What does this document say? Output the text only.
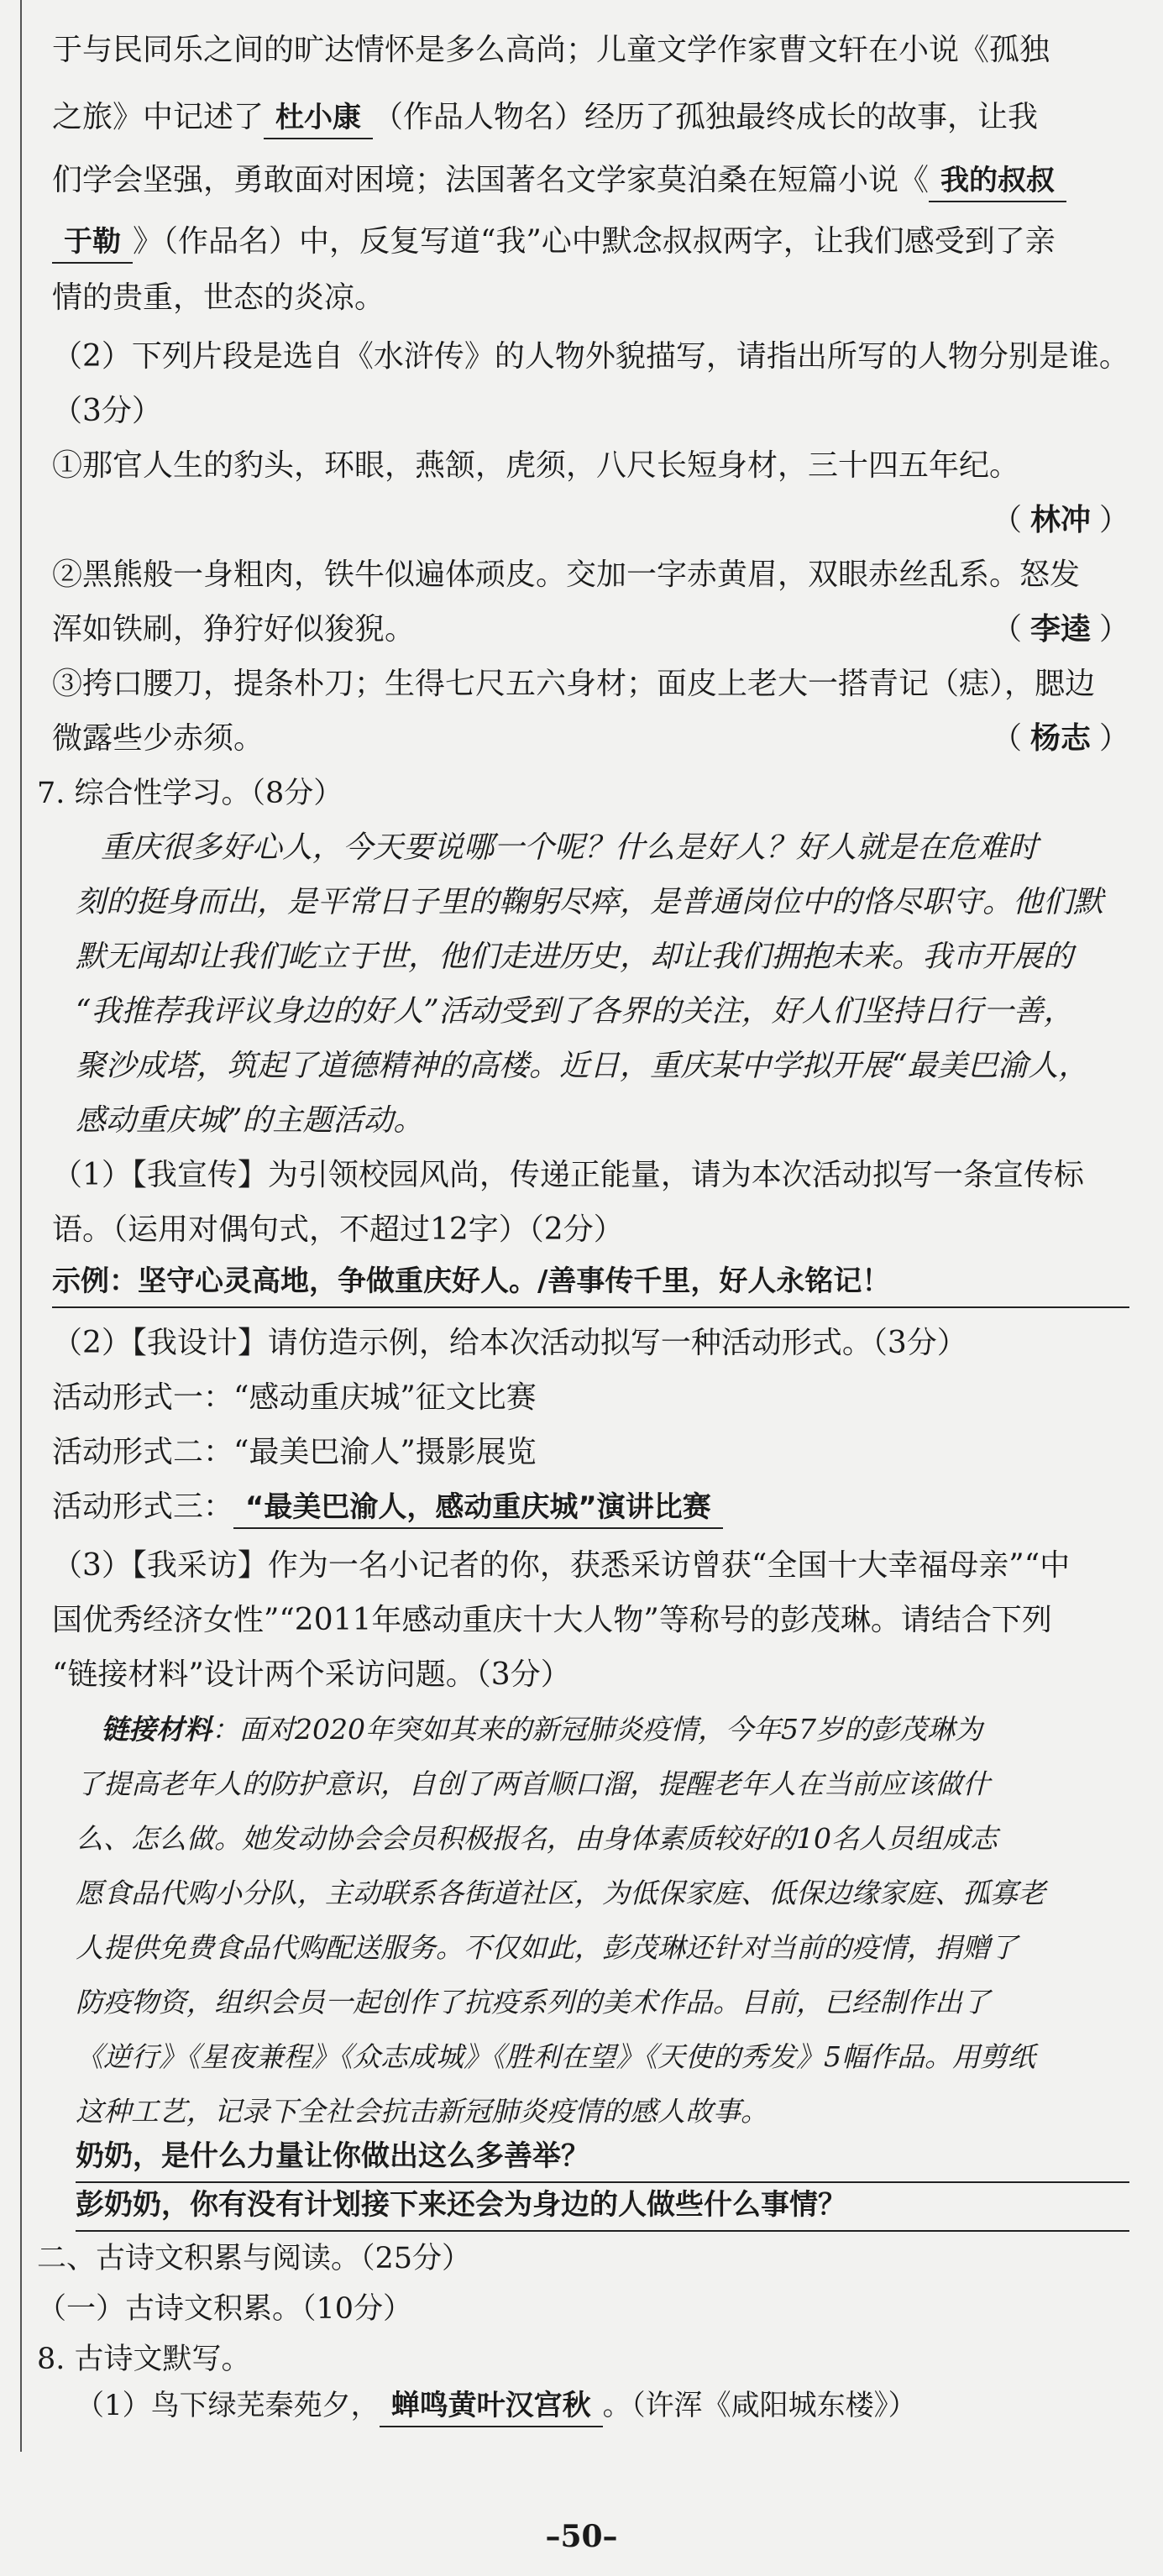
于与民同乐之间的旷达情怀是多么高尚；儿童文学作家曹文轩在小说《孤独
之旅》中记述了 杜小康 （作品人物名）经历了孤独最终成长的故事，让我
们学会坚强，勇敢面对困境；法国著名文学家莫泊桑在短篇小说《 我的叔叔
于勒 》（作品名）中，反复写道“我”心中默念叔叔两字，让我们感受到了亲
情的贵重，世态的炎凉。
（2）下列片段是选自《水浒传》的人物外貌描写，请指出所写的人物分别是谁。
（3分）
①那官人生的豹头，环眼，燕颔，虎须，八尺长短身材，三十四五年纪。
（ 林冲 ）
②黑熊般一身粗肉，铁牛似遍体顽皮。交加一字赤黄眉，双眼赤丝乱系。怒发
浑如铁刷，狰狞好似狻猊。	（ 李逵 ）
③挎口腰刀，提条朴刀；生得七尺五六身材；面皮上老大一搭青记（痣），腮边
微露些少赤须。	（ 杨志 ）
7. 综合性学习。（8分）
重庆很多好心人，今天要说哪一个呢？什么是好人？好人就是在危难时
刻的挺身而出，是平常日子里的鞠躬尽瘁，是普通岗位中的恪尽职守。他们默
默无闻却让我们屹立于世，他们走进历史，却让我们拥抱未来。我市开展的
“我推荐我评议身边的好人”活动受到了各界的关注，好人们坚持日行一善，
聚沙成塔，筑起了道德精神的高楼。近日，重庆某中学拟开展“最美巴渝人，
感动重庆城”的主题活动。
（1）【我宣传】为引领校园风尚，传递正能量，请为本次活动拟写一条宣传标
语。（运用对偶句式，不超过12字）（2分）
示例：坚守心灵高地，争做重庆好人。/善事传千里，好人永铭记！
（2）【我设计】请仿造示例，给本次活动拟写一种活动形式。（3分）
活动形式一：“感动重庆城”征文比赛
活动形式二：“最美巴渝人”摄影展览
活动形式三： “最美巴渝人，感动重庆城”演讲比赛
（3）【我采访】作为一名小记者的你，获悉采访曾获“全国十大幸福母亲”“中
国优秀经济女性”“2011年感动重庆十大人物”等称号的彭茂琳。请结合下列
“链接材料”设计两个采访问题。（3分）
链接材料：面对2020年突如其来的新冠肺炎疫情，今年57岁的彭茂琳为
了提高老年人的防护意识，自创了两首顺口溜，提醒老年人在当前应该做什
么、怎么做。她发动协会会员积极报名，由身体素质较好的10名人员组成志
愿食品代购小分队，主动联系各街道社区，为低保家庭、低保边缘家庭、孤寡老
人提供免费食品代购配送服务。不仅如此，彭茂琳还针对当前的疫情，捐赠了
防疫物资，组织会员一起创作了抗疫系列的美术作品。目前，已经制作出了
《逆行》《星夜兼程》《众志成城》《胜利在望》《天使的秀发》5幅作品。用剪纸
这种工艺，记录下全社会抗击新冠肺炎疫情的感人故事。
奶奶，是什么力量让你做出这么多善举？
彭奶奶，你有没有计划接下来还会为身边的人做些什么事情？
二、古诗文积累与阅读。（25分）
（一）古诗文积累。（10分）
8. 古诗文默写。
（1）鸟下绿芜秦苑夕， 蝉鸣黄叶汉宫秋 。（许浑《咸阳城东楼》）
–50–
